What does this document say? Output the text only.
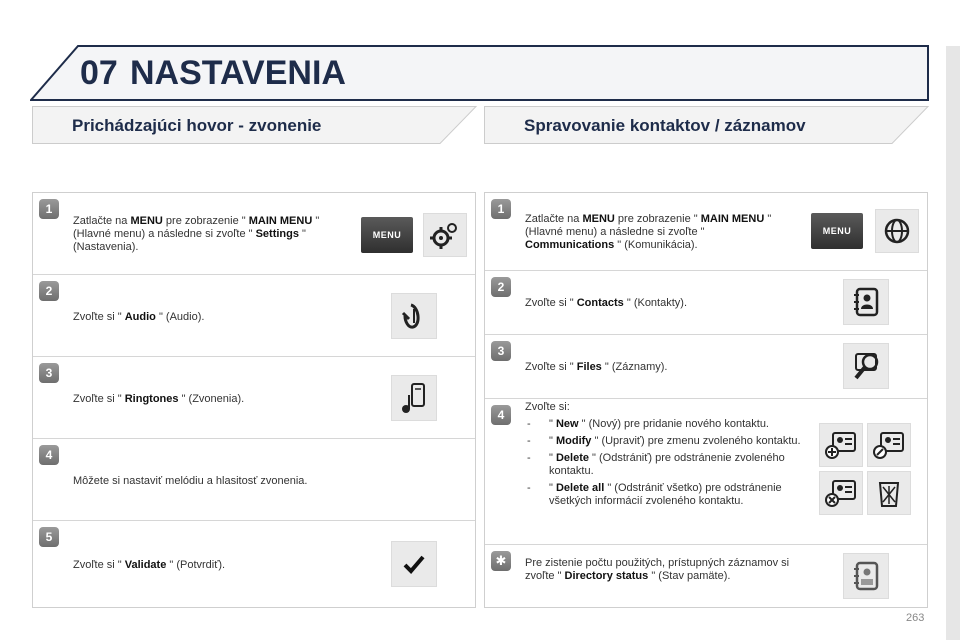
07 NASTAVENIA
Prichádzajúci hovor - zvonenie	Spravovanie kontaktov / záznamov
1
Zatlačte na MENU pre zobrazenie " MAIN MENU " (Hlavné menu) a následne si zvoľte " Settings " (Nastavenia).
MENU
2
Zvoľte si " Audio " (Audio).
3
Zvoľte si " Ringtones " (Zvonenia).
4
Môžete si nastaviť melódiu a hlasitosť zvonenia.
5
Zvoľte si " Validate " (Potvrdiť).
1
Zatlačte na MENU pre zobrazenie " MAIN MENU " (Hlavné menu) a následne si zvoľte " Communications " (Komunikácia).
MENU
2
Zvoľte si " Contacts " (Kontakty).
3
Zvoľte si " Files " (Záznamy).
4
Zvoľte si:
- " New " (Nový) pre pridanie nového kontaktu.
- " Modify " (Upraviť) pre zmenu zvoleného kontaktu.
- " Delete " (Odstrániť) pre odstránenie zvoleného kontaktu.
- " Delete all " (Odstrániť všetko) pre odstránenie všetkých informácií zvoleného kontaktu.
✱	Pre zistenie počtu použitých, prístupných záznamov si zvoľte " Directory status " (Stav pamäte).
263
